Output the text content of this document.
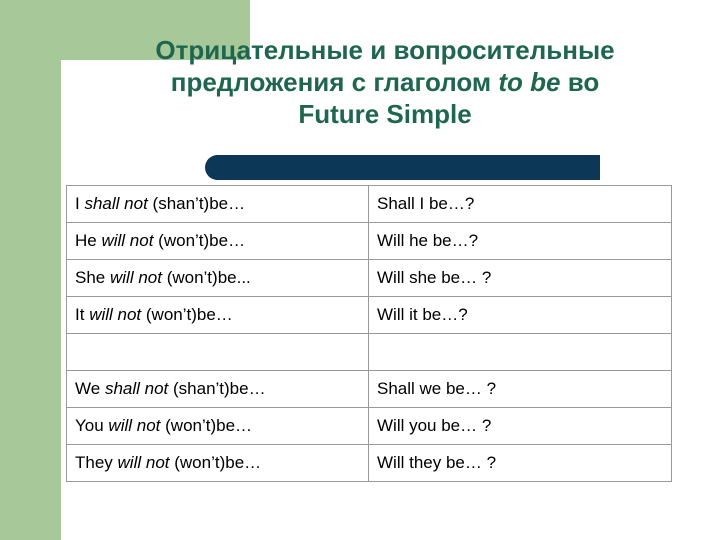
Отрицательные и вопросительные
предложения с глаголом to be во
Future Simple
I shall not (shan’t)be…	Shall I be…?
He will not (won’t)be…	Will he be…?
She will not (won’t)be...	Will she be… ?
It will not (won’t)be…	Will it be…?

We shall not (shan’t)be…	Shall we be… ?
You will not (won’t)be…	Will you be… ?
They will not (won’t)be…	Will they be… ?
